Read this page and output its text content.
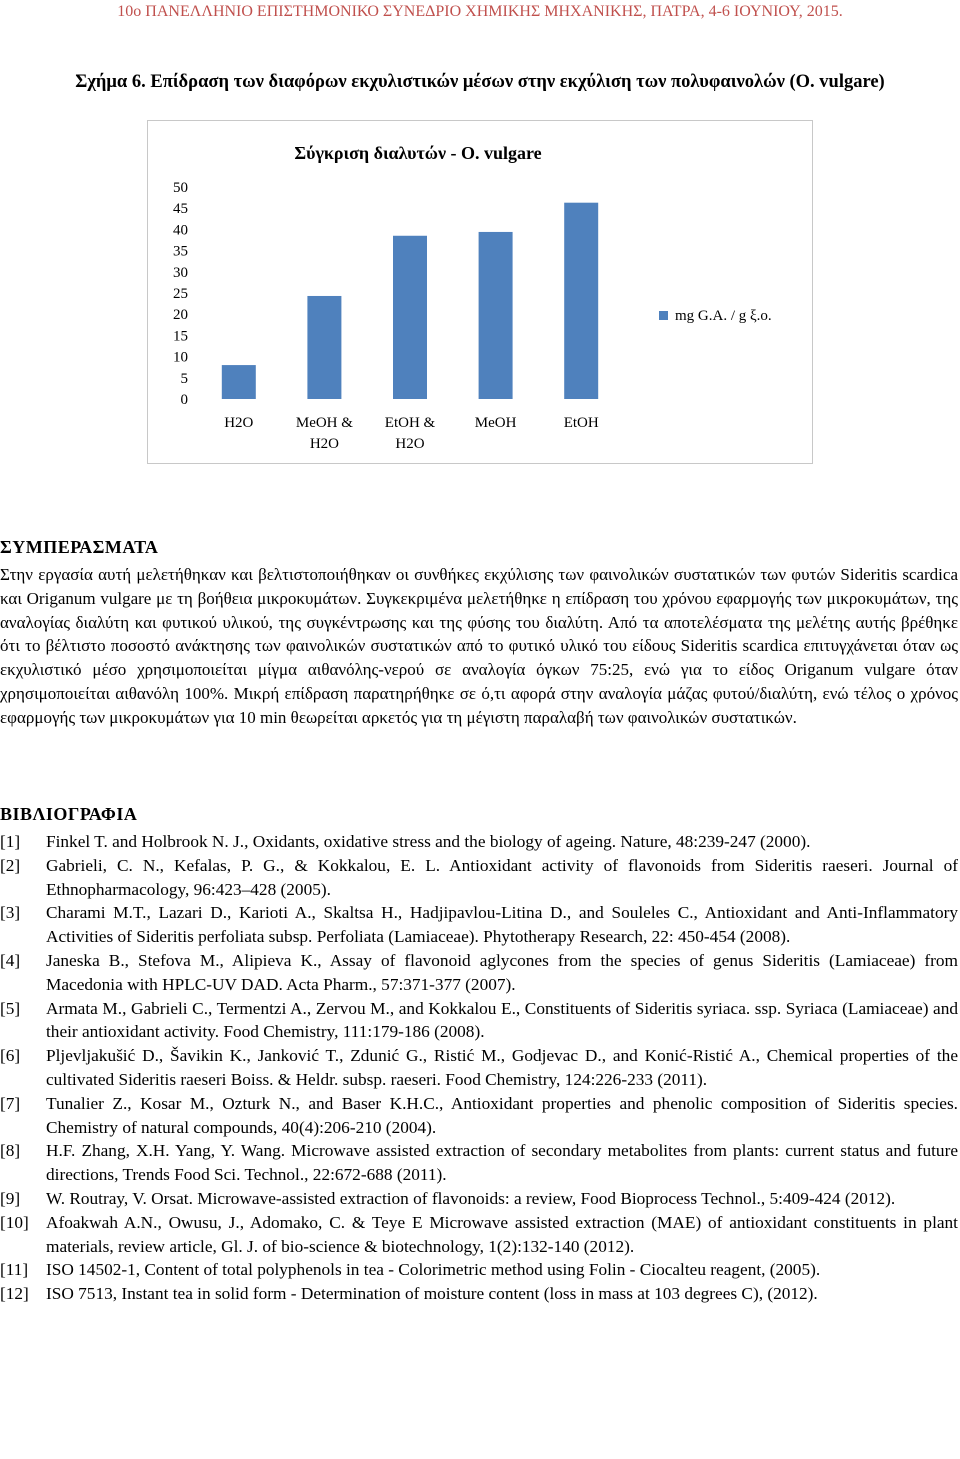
10ο ΠΑΝΕΛΛΗΝΙΟ ΕΠΙΣΤΗΜΟΝΙΚΟ ΣΥΝΕΔΡΙΟ ΧΗΜΙΚΗΣ ΜΗΧΑΝΙΚΗΣ, ΠΑΤΡΑ, 4-6 ΙΟΥΝΙΟΥ, 2015.
Σχήμα 6. Επίδραση των διαφόρων εκχυλιστικών μέσων στην εκχύλιση των πολυφαινολών (O. vulgare)
Σύγκριση διαλυτών - O. vulgare
0
5
10
15
20
25
30
35
40
45
50
H2O	MeOH & H2O
EtOH & H2O
MeOH	EtOH
mg G.A. / g ξ.ο.
ΣΥΜΠΕΡΑΣΜΑΤΑ

Στην εργασία αυτή μελετήθηκαν και βελτιστοποιήθηκαν οι συνθήκες εκχύλισης των φαινολικών συστατικών των φυτών Sideritis scardica και Origanum vulgare με τη βοήθεια μικροκυμάτων. Συγκεκριμένα μελετήθηκε η επίδραση του χρόνου εφαρμογής των μικροκυμάτων, της αναλογίας διαλύτη και φυτικού υλικού, της συγκέντρωσης και της φύσης του διαλύτη. Από τα αποτελέσματα της μελέτης αυτής βρέθηκε ότι το βέλτιστο ποσοστό ανάκτησης των φαινολικών συστατικών από το φυτικό υλικό του είδους Sideritis scardica επιτυγχάνεται όταν ως εκχυλιστικό μέσο χρησιμοποιείται μίγμα αιθανόλης-νερού σε αναλογία όγκων 75:25, ενώ για το είδος Origanum vulgare όταν χρησιμοποιείται αιθανόλη 100%. Μικρή επίδραση παρατηρήθηκε σε ό,τι αφορά στην αναλογία μάζας φυτού/διαλύτη, ενώ τέλος ο χρόνος εφαρμογής των μικροκυμάτων για 10 min θεωρείται αρκετός για τη μέγιστη παραλαβή των φαινολικών συστατικών.

ΒΙΒΛΙΟΓΡΑΦΙΑ
[1] Finkel T. and Holbrook N. J., Oxidants, oxidative stress and the biology of ageing. Nature, 48:239-247 (2000).
[2] Gabrieli, C. N., Kefalas, P. G., & Kokkalou, E. L. Antioxidant activity of flavonoids from Sideritis raeseri. Journal of Ethnopharmacology, 96:423–428 (2005).
[3] Charami M.T., Lazari D., Karioti A., Skaltsa H., Hadjipavlou-Litina D., and Souleles C., Antioxidant and Anti-Inflammatory Activities of Sideritis perfoliata subsp. Perfoliata (Lamiaceae). Phytotherapy Research, 22: 450-454 (2008).
[4] Janeska B., Stefova M., Alipieva K., Assay of flavonoid aglycones from the species of genus Sideritis (Lamiaceae) from Macedonia with HPLC-UV DAD. Acta Pharm., 57:371-377 (2007).
[5] Armata M., Gabrieli C., Termentzi A., Zervou M., and Kokkalou E., Constituents of Sideritis syriaca. ssp. Syriaca (Lamiaceae) and their antioxidant activity. Food Chemistry, 111:179-186 (2008).
[6] Pljevljakušić D., Šavikin K., Janković T., Zdunić G., Ristić M., Godjevac D., and Konić-Ristić A., Chemical properties of the cultivated Sideritis raeseri Boiss. & Heldr. subsp. raeseri. Food Chemistry, 124:226-233 (2011).
[7] Tunalier Z., Kosar M., Ozturk N., and Baser K.H.C., Antioxidant properties and phenolic composition of Sideritis species. Chemistry of natural compounds, 40(4):206-210 (2004).
[8] H.F. Zhang, X.H. Yang, Y. Wang. Microwave assisted extraction of secondary metabolites from plants: current status and future directions, Trends Food Sci. Technol., 22:672-688 (2011).
[9] W. Routray, V. Orsat. Microwave-assisted extraction of flavonoids: a review, Food Bioprocess Technol., 5:409-424 (2012).
[10] Afoakwah A.N., Owusu, J., Adomako, C. & Teye E Microwave assisted extraction (MAE) of antioxidant constituents in plant materials, review article, Gl. J. of bio-science & biotechnology, 1(2):132-140 (2012).
[11] ISO 14502-1, Content of total polyphenols in tea - Colorimetric method using Folin - Ciocalteu reagent, (2005).
[12] ISO 7513, Instant tea in solid form - Determination of moisture content (loss in mass at 103 degrees C), (2012).
